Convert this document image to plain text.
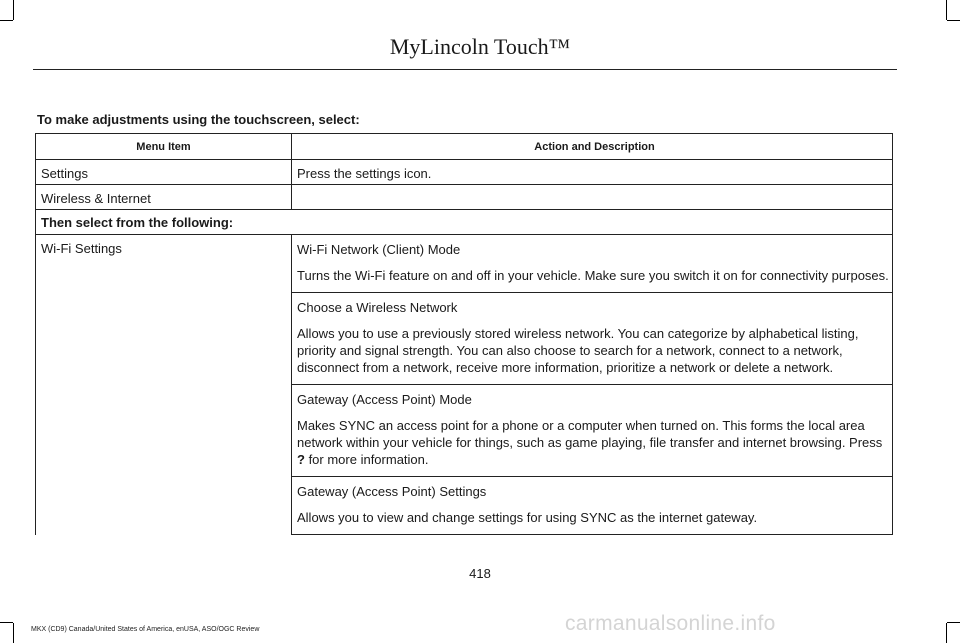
MyLincoln Touch™
To make adjustments using the touchscreen, select:
Menu Item	Action and Description
Settings	Press the settings icon.
Wireless & Internet	
Then select from the following:	
Wi-Fi Settings	Wi-Fi Network (Client) Mode

Turns the Wi-Fi feature on and off in your vehicle. Make sure you switch it on for connectivity purposes.

	Choose a Wireless Network

Allows you to use a previously stored wireless network. You can categorize by alphabetical listing, priority and signal strength. You can also choose to search for a network, connect to a network, disconnect from a network, receive more information, prioritize a network or delete a network.

	Gateway (Access Point) Mode

Makes SYNC an access point for a phone or a computer when turned on. This forms the local area network within your vehicle for things, such as game playing, file transfer and internet browsing. Press ? for more information.

	Gateway (Access Point) Settings

Allows you to view and change settings for using SYNC as the internet gateway.

418
MKX (CD9) Canada/United States of America, enUSA, ASO/OGC Review	carmanualsonline.info
